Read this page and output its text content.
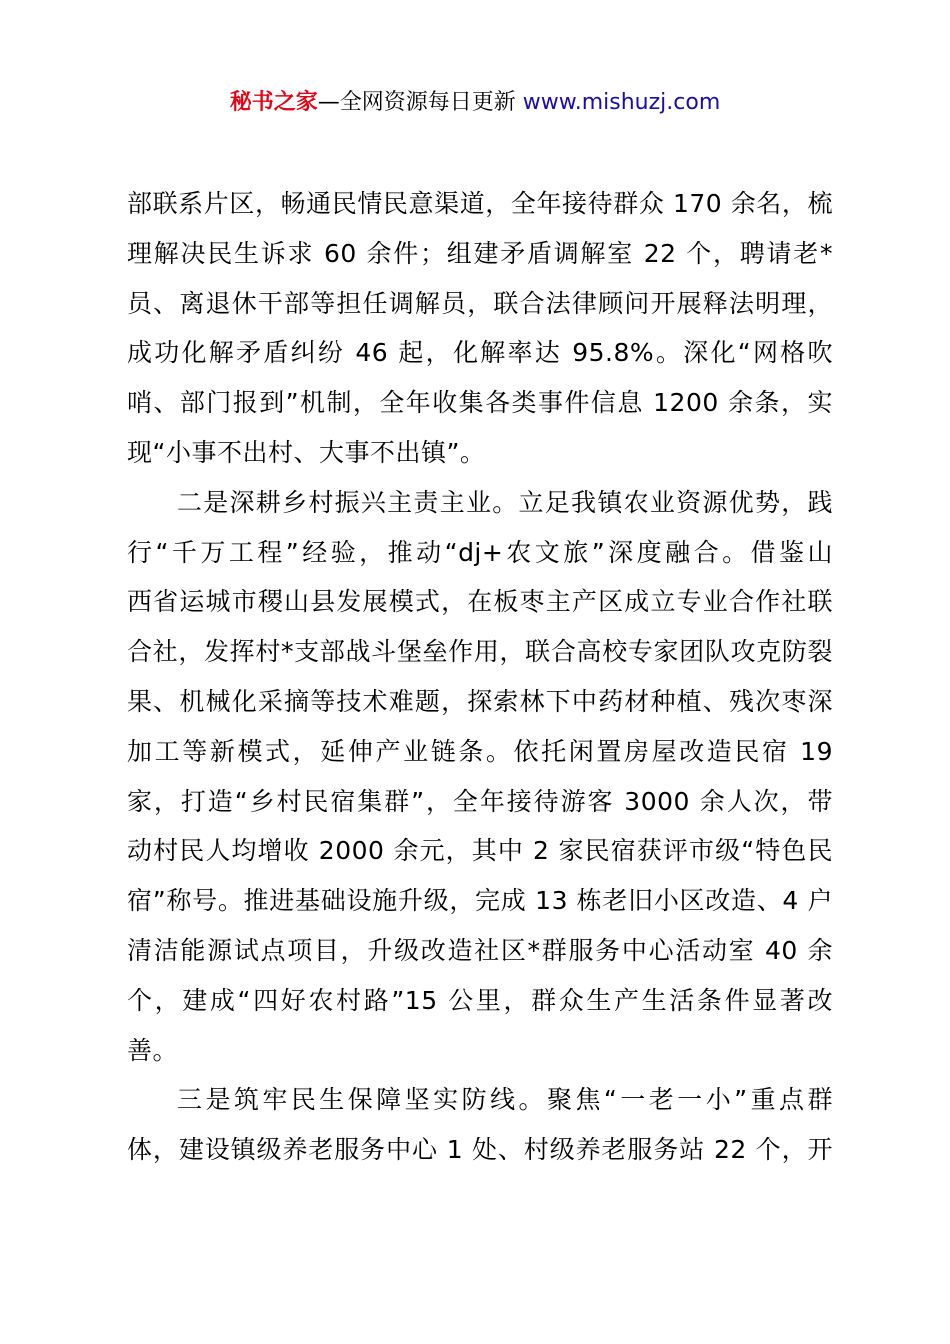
秘书之家—全网资源每日更新 www.mishuzj.com
部联系片区，畅通民情民意渠道，全年接待群众 170 余名，梳
理解决民生诉求 60 余件；组建矛盾调解室 22 个，聘请老*
员、离退休干部等担任调解员，联合法律顾问开展释法明理，
成功化解矛盾纠纷 46 起，化解率达 95.8%。深化“网格吹
哨、部门报到”机制，全年收集各类事件信息 1200 余条，实
现“小事不出村、大事不出镇”。
二是深耕乡村振兴主责主业。立足我镇农业资源优势，践
行“千万工程”经验，推动“dj+农文旅”深度融合。借鉴山
西省运城市稷山县发展模式，在板枣主产区成立专业合作社联
合社，发挥村*支部战斗堡垒作用，联合高校专家团队攻克防裂
果、机械化采摘等技术难题，探索林下中药材种植、残次枣深
加工等新模式，延伸产业链条。依托闲置房屋改造民宿 19
家，打造“乡村民宿集群”，全年接待游客 3000 余人次，带
动村民人均增收 2000 余元，其中 2 家民宿获评市级“特色民
宿”称号。推进基础设施升级，完成 13 栋老旧小区改造、4 户
清洁能源试点项目，升级改造社区*群服务中心活动室 40 余
个，建成“四好农村路”15 公里，群众生产生活条件显著改
善。
三是筑牢民生保障坚实防线。聚焦“一老一小”重点群
体，建设镇级养老服务中心 1 处、村级养老服务站 22 个，开
